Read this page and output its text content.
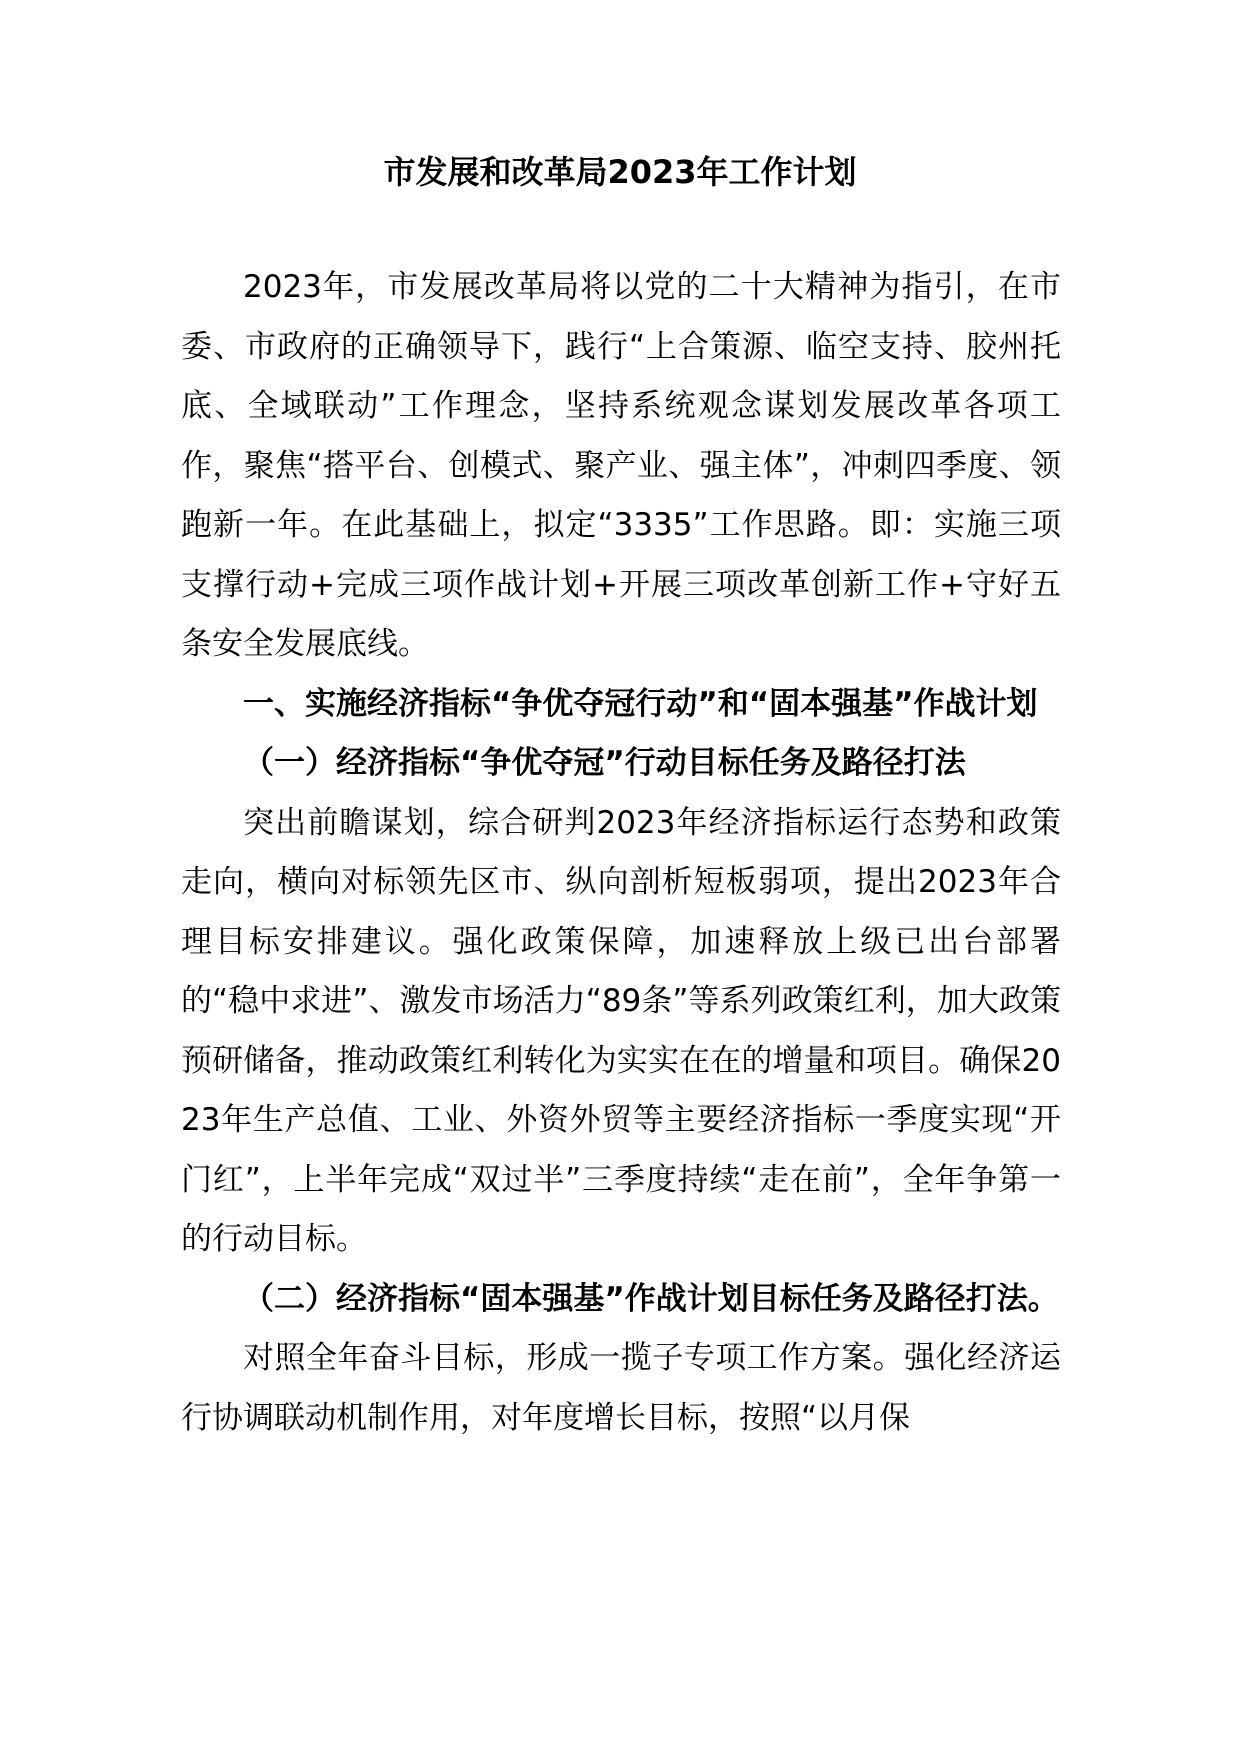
市发展和改革局2023年工作计划

2023年，市发展改革局将以党的二十大精神为指引，在市委、市政府的正确领导下，践行“上合策源、临空支持、胶州托底、全域联动”工作理念，坚持系统观念谋划发展改革各项工作，聚焦“搭平台、创模式、聚产业、强主体”，冲刺四季度、领跑新一年。在此基础上，拟定“3335”工作思路。即：实施三项支撑行动+完成三项作战计划+开展三项改革创新工作+守好五条安全发展底线。

一、实施经济指标“争优夺冠行动”和“固本强基”作战计划

（一）经济指标“争优夺冠”行动目标任务及路径打法

突出前瞻谋划，综合研判2023年经济指标运行态势和政策走向，横向对标领先区市、纵向剖析短板弱项，提出2023年合理目标安排建议。强化政策保障，加速释放上级已出台部署的“稳中求进”、激发市场活力“89条”等系列政策红利，加大政策预研储备，推动政策红利转化为实实在在的增量和项目。确保2023年生产总值、工业、外资外贸等主要经济指标一季度实现“开门红”，上半年完成“双过半”三季度持续“走在前”，全年争第一的行动目标。

（二）经济指标“固本强基”作战计划目标任务及路径打法。

对照全年奋斗目标，形成一揽子专项工作方案。强化经济运行协调联动机制作用，对年度增长目标，按照“以月保
